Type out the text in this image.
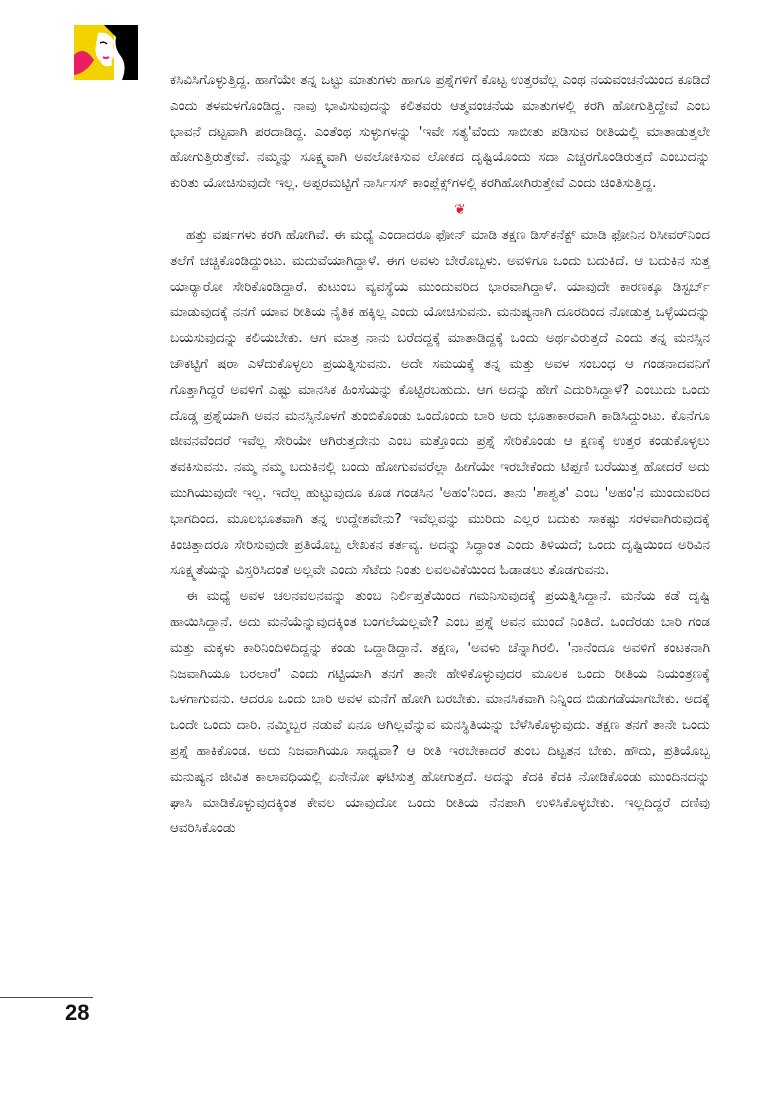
ಕಸಿವಿಸಿಗೊಳ್ಳುತ್ತಿದ್ದ. ಹಾಗೆಯೇ ತನ್ನ ಒಟ್ಟು ಮಾತುಗಳು ಹಾಗೂ ಪ್ರಶ್ನೆಗಳಿಗೆ ಕೊಟ್ಟ ಉತ್ತರವೆಲ್ಲ ಎಂಥ ನಯವಂಚನೆಯಿಂದ ಕೂಡಿದೆ ಎಂದು ತಳಮಳಗೊಂಡಿದ್ದ. ನಾವು ಭಾವಿಸುವುದನ್ನು ಕಲಿತವರು ಆತ್ಮವಂಚನೆಯ ಮಾತುಗಳಲ್ಲಿ ಕರಗಿ ಹೋಗುತ್ತಿದ್ದೇವೆ ಎಂಬ ಭಾವನೆ ದಟ್ಟವಾಗಿ ಪರದಾಡಿದ್ದ. ಎಂತೆಂಥ ಸುಳ್ಳುಗಳನ್ನು 'ಇವೇ ಸತ್ಯ'ವೆಂದು ಸಾಬೀತು ಪಡಿಸುವ ರೀತಿಯಲ್ಲಿ ಮಾತಾಡುತ್ತಲೇ ಹೋಗುತ್ತಿರುತ್ತೇವೆ. ನಮ್ಮನ್ನು ಸೂಕ್ಷ್ಮವಾಗಿ ಅವಲೋಕಿಸುವ ಲೋಕದ ದೃಷ್ಟಿಯೊಂದು ಸದಾ ಎಚ್ಚರಗೊಂಡಿರುತ್ತದೆ ಎಂಬುದನ್ನು ಕುರಿತು ಯೋಚಿಸುವುದೇ ಇಲ್ಲ. ಅಪ್ಪರಮಟ್ಟಿಗೆ ನಾರ್ಸಿಸಸ್ ಕಾಂಪ್ಲೆಕ್ಸ್‌ಗಳಲ್ಲಿ ಕರಗಿಹೋಗಿರುತ್ತೇವೆ ಎಂದು ಚಿಂತಿಸುತ್ತಿದ್ದ.

❦

ಹತ್ತು ವರ್ಷಗಳು ಕರಗಿ ಹೋಗಿವೆ. ಈ ಮಧ್ಯೆ ಎಂದಾದರೂ ಫೋನ್ ಮಾಡಿ ತಕ್ಷಣ ಡಿಸ್‌ಕನೆಕ್ಟ್ ಮಾಡಿ ಫೋನಿನ ರಿಸೀವರ್‌ನಿಂದ ತಲೆಗೆ ಚಚ್ಚಿಕೊಂಡಿದ್ದುಂಟು. ಮದುವೆಯಾಗಿದ್ದಾಳೆ. ಈಗ ಅವಳು ಬೇರೊಬ್ಬಳು. ಅವಳಿಗೂ ಒಂದು ಬದುಕಿದೆ. ಆ ಬದುಕಿನ ಸುತ್ತ ಯಾರ್‍ಯಾರೋ ಸೇರಿಕೊಂಡಿದ್ದಾರೆ. ಕುಟುಂಬ ವ್ಯವಸ್ಥೆಯ ಮುಂದುವರಿದ ಭಾರವಾಗಿದ್ದಾಳೆ. ಯಾವುದೇ ಕಾರಣಕ್ಕೂ ಡಿಸ್ಟರ್ಬ್ ಮಾಡುವುದಕ್ಕೆ ನನಗೆ ಯಾವ ರೀತಿಯ ನೈತಿಕ ಹಕ್ಕಿಲ್ಲ ಎಂದು ಯೋಚಿಸುವನು. ಮನುಷ್ಯನಾಗಿ ದೂರದಿಂದ ನೋಡುತ್ತ ಒಳ್ಳೆಯದನ್ನು ಬಯಸುವುದನ್ನು ಕಲಿಯಬೇಕು. ಆಗ ಮಾತ್ರ ನಾನು ಬರೆದದ್ದಕ್ಕೆ ಮಾತಾಡಿದ್ದಕ್ಕೆ ಒಂದು ಅರ್ಥವಿರುತ್ತದೆ ಎಂದು ತನ್ನ ಮನಸ್ಸಿನ ಚೌಕಟ್ಟಿಗೆ ಷರಾ ಎಳೆದುಕೊಳ್ಳಲು ಪ್ರಯತ್ನಿಸುವನು. ಅದೇ ಸಮಯಕ್ಕೆ ತನ್ನ ಮತ್ತು ಅವಳ ಸಂಬಂಧ ಆ ಗಂಡನಾದವನಿಗೆ ಗೊತ್ತಾಗಿದ್ದರೆ ಅವಳಿಗೆ ಎಷ್ಟು ಮಾನಸಿಕ ಹಿಂಸೆಯನ್ನು ಕೊಟ್ಟಿರಬಹುದು. ಆಗ ಅದನ್ನು ಹೇಗೆ ಎದುರಿಸಿದ್ದಾಳೆ? ಎಂಬುದು ಒಂದು ದೊಡ್ಡ ಪ್ರಶ್ನೆಯಾಗಿ ಅವನ ಮನಸ್ಸಿನೊಳಗೆ ತುಂಬಿಕೊಂಡು ಒಂದೊಂದು ಬಾರಿ ಅದು ಭೂತಾಕಾರವಾಗಿ ಕಾಡಿಸಿದ್ದುಂಟು. ಕೊನೆಗೂ ಜೀವನವೆಂದರೆ ಇವೆಲ್ಲ ಸೇರಿಯೇ ಆಗಿರುತ್ತದೇನು ಎಂಬ ಮತ್ತೊಂದು ಪ್ರಶ್ನೆ ಸೇರಿಕೊಂಡು ಆ ಕ್ಷಣಕ್ಕೆ ಉತ್ತರ ಕಂಡುಕೊಳ್ಳಲು ತವಕಿಸುವನು. ನಮ್ಮ ನಮ್ಮ ಬದುಕಿನಲ್ಲಿ ಬಂದು ಹೋಗುವವರೆಲ್ಲಾ ಹೀಗೆಯೇ ಇರಬೇಕೆಂದು ಟಿಪ್ಪಣಿ ಬರೆಯುತ್ತ ಹೋದರೆ ಅದು ಮುಗಿಯುವುದೇ ಇಲ್ಲ. ಇದೆಲ್ಲ ಹುಟ್ಟುವುದೂ ಕೂಡ ಗಂಡಸಿನ 'ಅಹಂ'ನಿಂದ. ತಾನು 'ಶಾಶ್ವತ' ಎಂಬ 'ಅಹಂ'ನ ಮುಂದುವರಿದ ಭಾಗದಿಂದ. ಮೂಲಭೂತವಾಗಿ ತನ್ನ ಉದ್ದೇಶವೇನು? ಇವೆಲ್ಲವನ್ನು ಮುರಿದು ಎಲ್ಲರ ಬದುಕು ಸಾಕಷ್ಟು ಸರಳವಾಗಿರುವುದಕ್ಕೆ ಕಿಂಚಿತ್ತಾದರೂ ಸೇರಿಸುವುದೇ ಪ್ರತಿಯೊಬ್ಬ ಲೇಖಕನ ಕರ್ತವ್ಯ. ಅದನ್ನು ಸಿದ್ಧಾಂತ ಎಂದು ತಿಳಿಯದೆ; ಒಂದು ದೃಷ್ಟಿಯಿಂದ ಅರಿವಿನ ಸೂಕ್ಷ್ಮತೆಯನ್ನು ವಿಸ್ತರಿಸಿದಂತೆ ಅಲ್ಲವೇ ಎಂದು ಸೆಟೆದು ನಿಂತು ಲವಲವಿಕೆಯಿಂದ ಓಡಾಡಲು ತೊಡಗುವನು.

ಈ ಮಧ್ಯೆ ಅವಳ ಚಲನವಲನವನ್ನು ತುಂಬ ನಿರ್ಲಿಪ್ತತೆಯಿಂದ ಗಮನಿಸುವುದಕ್ಕೆ ಪ್ರಯತ್ನಿಸಿದ್ದಾನೆ. ಮನೆಯ ಕಡೆ ದೃಷ್ಟಿ ಹಾಯಿಸಿದ್ದಾನೆ. ಅದು ಮನೆಯೆನ್ನುವುದಕ್ಕಿಂತ ಬಂಗಲೆಯಲ್ಲವೇ? ಎಂಬ ಪ್ರಶ್ನೆ ಅವನ ಮುಂದೆ ನಿಂತಿದೆ. ಒಂದೆರಡು ಬಾರಿ ಗಂಡ ಮತ್ತು ಮಕ್ಕಳು ಕಾರಿನಿಂದಿಳಿದಿದ್ದನ್ನು ಕಂಡು ಒದ್ದಾಡಿದ್ದಾನೆ. ತಕ್ಷಣ, 'ಅವಳು ಚೆನ್ನಾಗಿರಲಿ. 'ನಾನೆಂದೂ ಅವಳಿಗೆ ಕಂಟಕನಾಗಿ ನಿಜವಾಗಿಯೂ ಬರಲಾರೆ' ಎಂದು ಗಟ್ಟಿಯಾಗಿ ತನಗೆ ತಾನೇ ಹೇಳಿಕೊಳ್ಳುವುದರ ಮೂಲಕ ಒಂದು ರೀತಿಯ ನಿಯಂತ್ರಣಕ್ಕೆ ಒಳಗಾಗುವನು. ಆದರೂ ಒಂದು ಬಾರಿ ಅವಳ ಮನೆಗೆ ಹೋಗಿ ಬರಬೇಕು. ಮಾನಸಿಕವಾಗಿ ನಿನ್ನಿಂದ ಬಿಡುಗಡೆಯಾಗಬೇಕು. ಅದಕ್ಕೆ ಒಂದೇ ಒಂದು ದಾರಿ. ನಮ್ಮಿಬ್ಬರ ನಡುವೆ ಏನೂ ಆಗಿಲ್ಲವೆನ್ನುವ ಮನಸ್ಥಿತಿಯನ್ನು ಬೆಳೆಸಿಕೊಳ್ಳುವುದು. ತಕ್ಷಣ ತನಗೆ ತಾನೇ ಒಂದು ಪ್ರಶ್ನೆ ಹಾಕಿಕೊಂಡ. ಅದು ನಿಜವಾಗಿಯೂ ಸಾಧ್ಯವಾ? ಆ ರೀತಿ ಇರಬೇಕಾದರೆ ತುಂಬ ದಿಟ್ಟತನ ಬೇಕು. ಹೌದು, ಪ್ರತಿಯೊಬ್ಬ ಮನುಷ್ಯನ ಜೀವಿತ ಕಾಲಾವಧಿಯಲ್ಲಿ ಏನೇನೋ ಘಟಿಸುತ್ತ ಹೋಗುತ್ತದೆ. ಅದನ್ನು ಕೆದಕಿ ಕೆದಕಿ ನೋಡಿಕೊಂಡು ಮುಂದಿನದನ್ನು ಘಾಸಿ ಮಾಡಿಕೊಳ್ಳುವುದಕ್ಕಿಂತ ಕೇವಲ ಯಾವುದೋ ಒಂದು ರೀತಿಯ ನೆನಪಾಗಿ ಉಳಿಸಿಕೊಳ್ಳಬೇಕು. ಇಲ್ಲದಿದ್ದರೆ ದಣಿವು ಆವರಿಸಿಕೊಂಡು

28
